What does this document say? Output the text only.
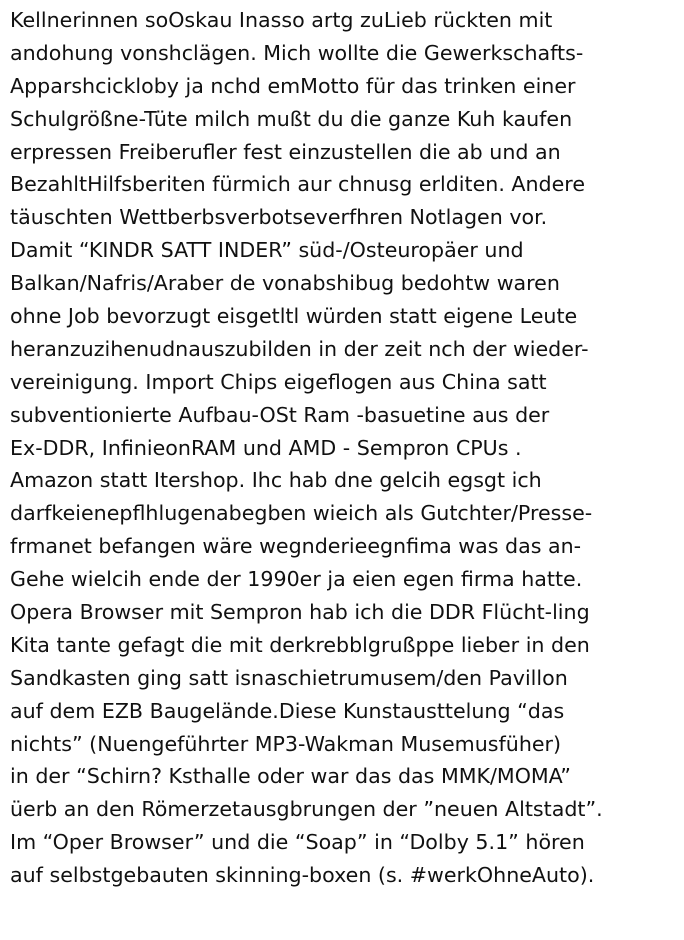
Kellnerinnen soOskau Inasso artg zuLieb rückten mit
andohung vonshclägen. Mich wollte die Gewerkschafts-
Apparshcickloby ja nchd emMotto für das trinken einer
Schulgrößne-Tüte milch mußt du die ganze Kuh kaufen
erpressen Freiberufler fest einzustellen die ab und an
BezahltHilfsberiten fürmich aur chnusg erlditen. Andere
täuschten Wettberbsverbotseverfhren Notlagen vor.
Damit “KINDR SATT INDER” süd-/Osteuropäer und
Balkan/Nafris/Araber de vonabshibug bedohtw waren
ohne Job bevorzugt eisgetltl würden statt eigene Leute
heranzuzihenudnauszubilden in der zeit nch der wieder-
vereinigung. Import Chips eigeflogen aus China satt
subventionierte Aufbau-OSt Ram -basuetine aus der
Ex-DDR, InfinieonRAM und AMD - Sempron CPUs .
Amazon statt Itershop. Ihc hab dne gelcih egsgt ich
darfkeienepflhlugenabegben wieich als Gutchter/Presse-
frmanet befangen wäre wegnderieegnfima was das an-
Gehe wielcih ende der 1990er ja eien egen firma hatte.
Opera Browser mit Sempron hab ich die DDR Flücht-ling
Kita tante gefagt die mit derkrebblgrußppe lieber in den
Sandkasten ging satt isnaschietrumusem/den Pavillon
auf dem EZB Baugelände.Diese Kunstausttelung “das
nichts” (Nuengeführter MP3-Wakman Musemusfüher)
in der “Schirn? Ksthalle oder war das das MMK/MOMA”
üerb an den Römerzetausgbrungen der ”neuen Altstadt”.
Im “Oper Browser” und die “Soap” in “Dolby 5.1” hören
auf selbstgebauten skinning-boxen (s. #werkOhneAuto).
